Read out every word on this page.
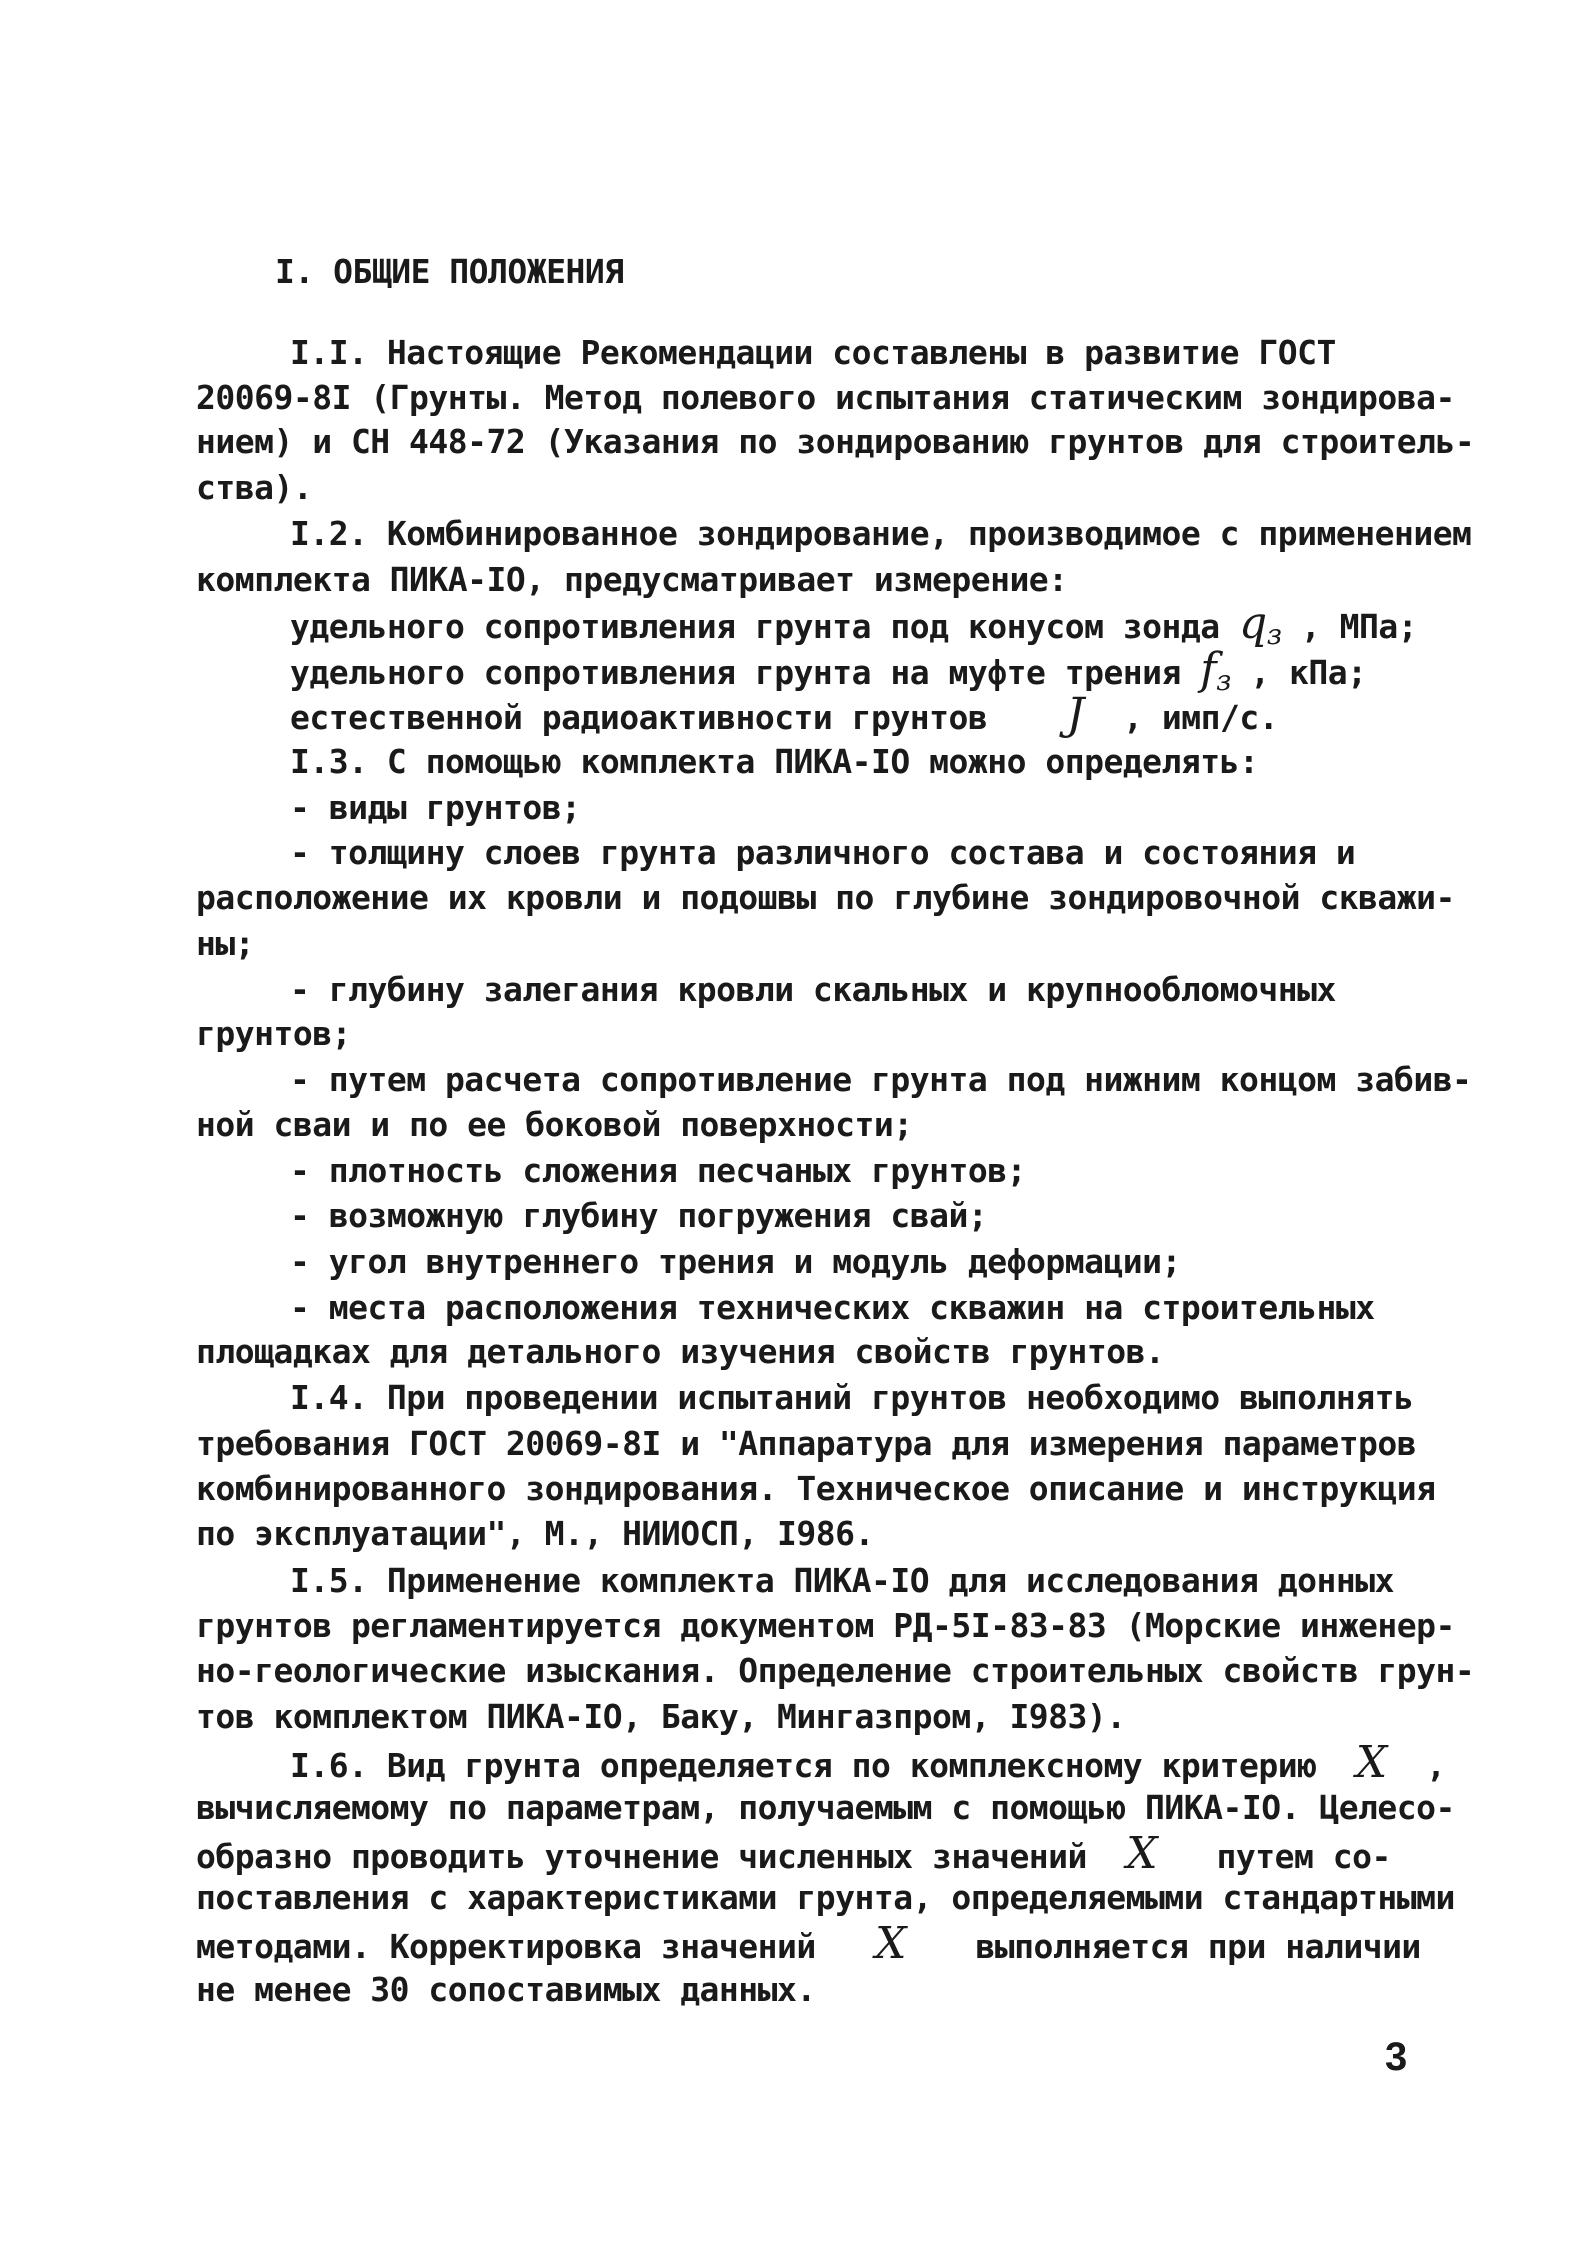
I. ОБЩИЕ ПОЛОЖЕНИЯ
I.I. Настоящие Рекомендации составлены в развитие ГОСТ
20069-8I (Грунты. Метод полевого испытания статическим зондирова-
нием) и СН 448-72 (Указания по зондированию грунтов для строитель-
ства).
I.2. Комбинированное зондирование, производимое с применением
комплекта ПИКА-IO, предусматривает измерение:
удельного сопротивления грунта под конусом зонда qз , МПа;
удельного сопротивления грунта на муфте трения fз , кПа;
естественной радиоактивности грунтов J , имп/с.
I.3. С помощью комплекта ПИКА-IO можно определять:
- виды грунтов;
- толщину слоев грунта различного состава и состояния и
расположение их кровли и подошвы по глубине зондировочной скважи-
ны;
- глубину залегания кровли скальных и крупнообломочных
грунтов;
- путем расчета сопротивление грунта под нижним концом забив-
ной сваи и по ее боковой поверхности;
- плотность сложения песчаных грунтов;
- возможную глубину погружения свай;
- угол внутреннего трения и модуль деформации;
- места расположения технических скважин на строительных
площадках для детального изучения свойств грунтов.
I.4. При проведении испытаний грунтов необходимо выполнять
требования ГОСТ 20069-8I и "Аппаратура для измерения параметров
комбинированного зондирования. Техническое описание и инструкция
по эксплуатации", М., НИИОСП, I986.
I.5. Применение комплекта ПИКА-IO для исследования донных
грунтов регламентируется документом РД-5I-83-83 (Морские инженер-
но-геологические изыскания. Определение строительных свойств грун-
тов комплектом ПИКА-IO, Баку, Мингазпром, I983).
I.6. Вид грунта определяется по комплексному критерию X ,
вычисляемому по параметрам, получаемым с помощью ПИКА-IO. Целесо-
образно проводить уточнение численных значений X путем со-
поставления с характеристиками грунта, определяемыми стандартными
методами. Корректировка значений X выполняется при наличии
не менее 30 сопоставимых данных.
3
